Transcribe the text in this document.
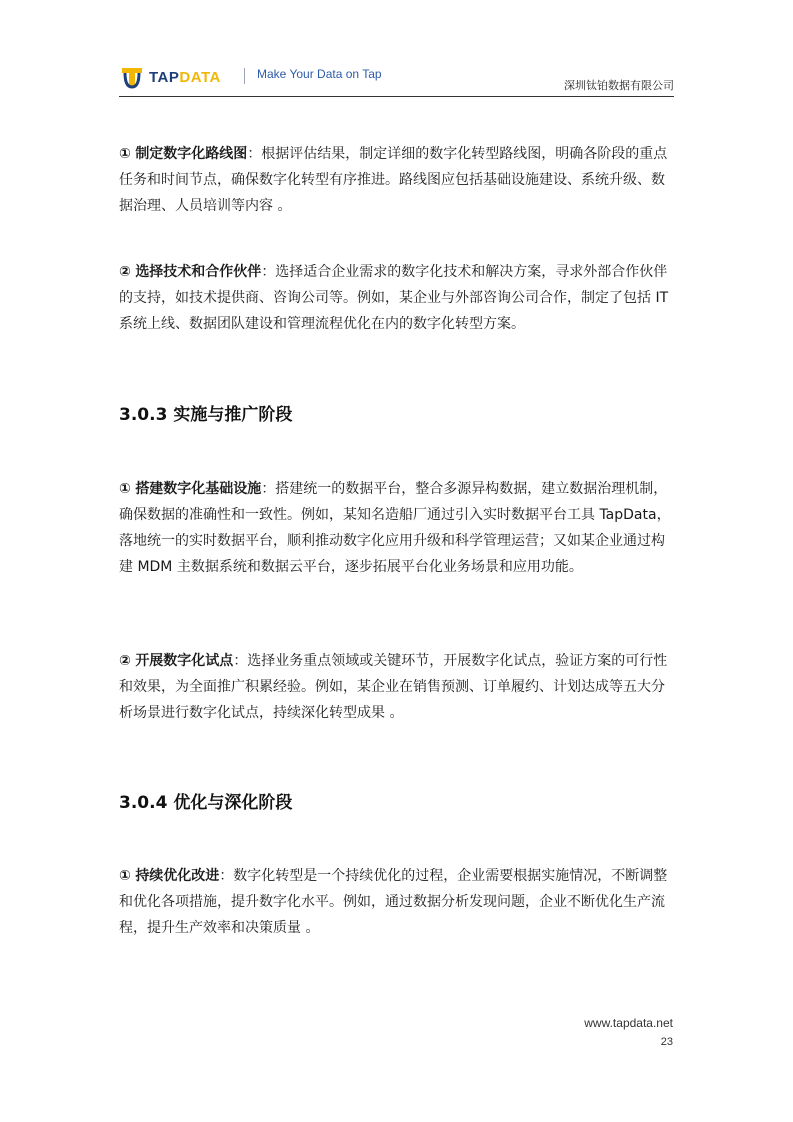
TAPDATA	Make Your Data on Tap
深圳钛铂数据有限公司

① 制定数字化路线图：根据评估结果，制定详细的数字化转型路线图，明确各阶段的重点任务和时间节点，确保数字化转型有序推进。路线图应包括基础设施建设、系统升级、数据治理、人员培训等内容 。

② 选择技术和合作伙伴：选择适合企业需求的数字化技术和解决方案，寻求外部合作伙伴的支持，如技术提供商、咨询公司等。例如，某企业与外部咨询公司合作，制定了包括 IT 系统上线、数据团队建设和管理流程优化在内的数字化转型方案。

3.0.3 实施与推广阶段

① 搭建数字化基础设施：搭建统一的数据平台，整合多源异构数据，建立数据治理机制，确保数据的准确性和一致性。例如，某知名造船厂通过引入实时数据平台工具 TapData，落地统一的实时数据平台，顺利推动数字化应用升级和科学管理运营；又如某企业通过构建 MDM 主数据系统和数据云平台，逐步拓展平台化业务场景和应用功能。

② 开展数字化试点：选择业务重点领域或关键环节，开展数字化试点，验证方案的可行性和效果，为全面推广积累经验。例如，某企业在销售预测、订单履约、计划达成等五大分析场景进行数字化试点，持续深化转型成果 。

3.0.4 优化与深化阶段

① 持续优化改进：数字化转型是一个持续优化的过程，企业需要根据实施情况，不断调整和优化各项措施，提升数字化水平。例如，通过数据分析发现问题，企业不断优化生产流程，提升生产效率和决策质量 。

www.tapdata.net
23
